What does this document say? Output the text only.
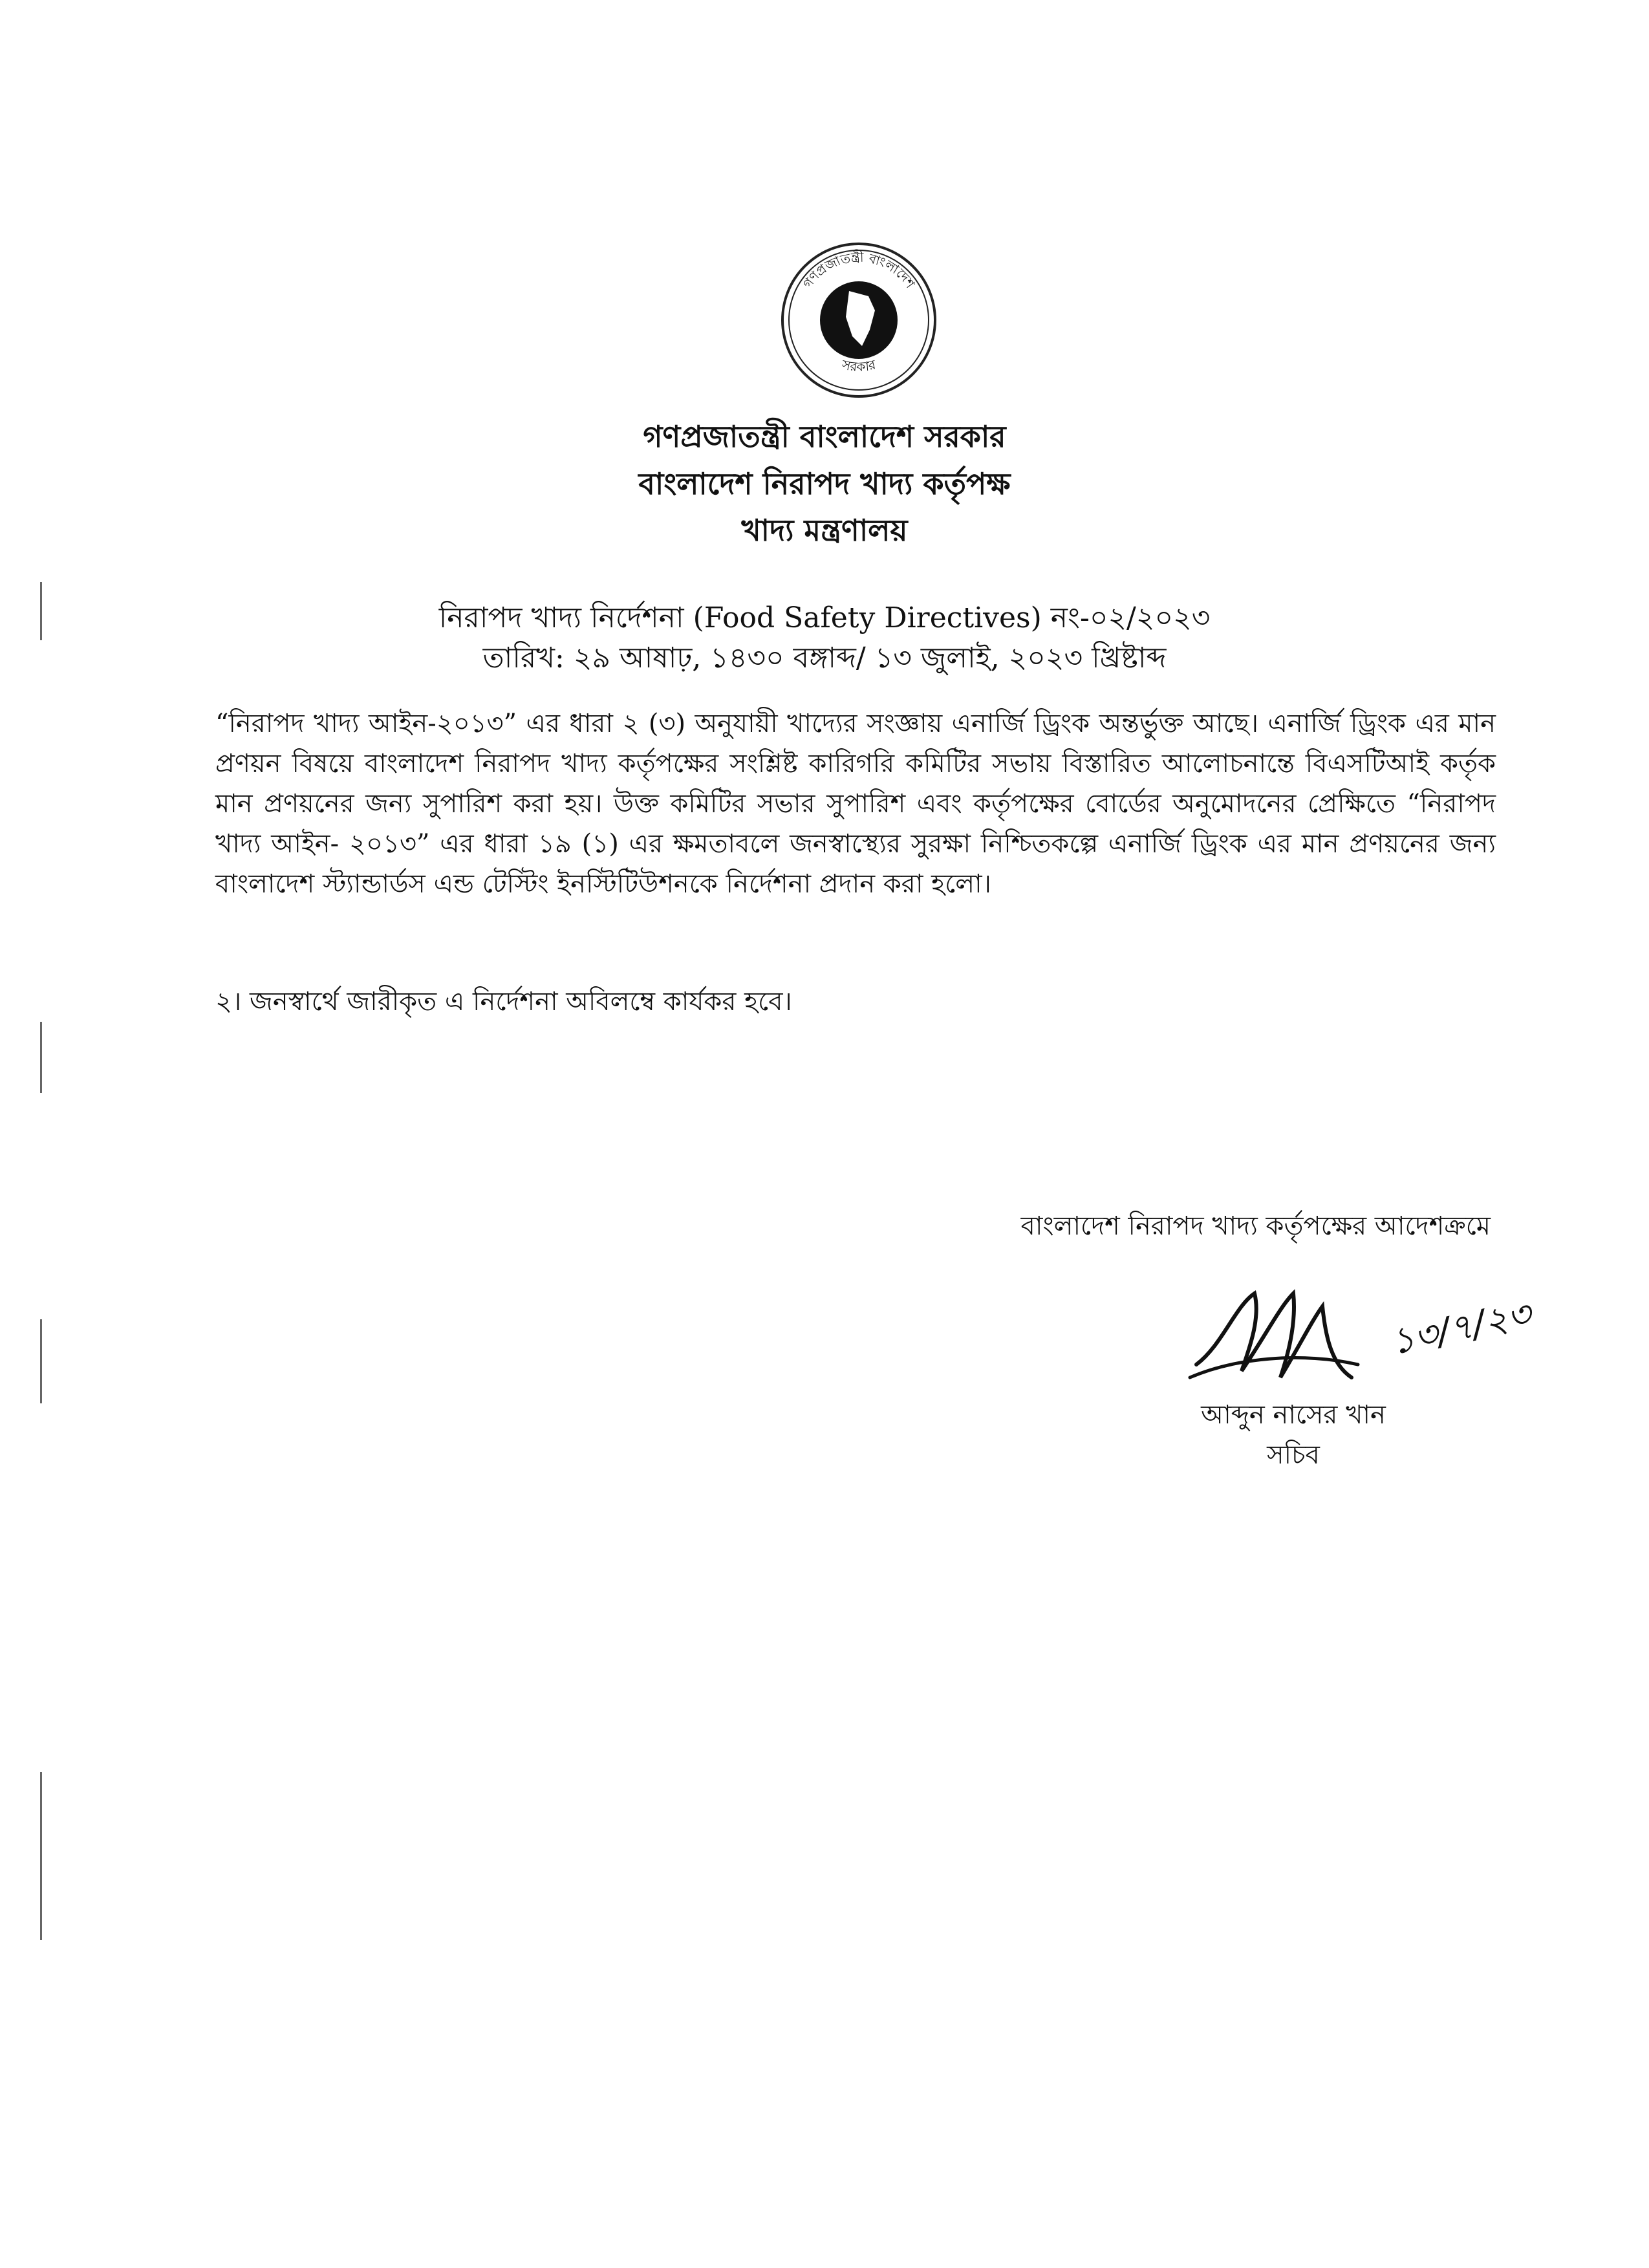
গণপ্রজাতন্ত্রী বাংলাদেশ
সরকার
গণপ্রজাতন্ত্রী বাংলাদেশ সরকার
বাংলাদেশ নিরাপদ খাদ্য কর্তৃপক্ষ
খাদ্য মন্ত্রণালয়
নিরাপদ খাদ্য নির্দেশনা (Food Safety Directives) নং-০২/২০২৩
তারিখ: ২৯ আষাঢ়, ১৪৩০ বঙ্গাব্দ/ ১৩ জুলাই, ২০২৩ খ্রিষ্টাব্দ
“নিরাপদ খাদ্য আইন-২০১৩” এর ধারা ২ (৩) অনুযায়ী খাদ্যের সংজ্ঞায় এনার্জি ড্রিংক অন্তর্ভুক্ত আছে। এনার্জি ড্রিংক এর মান প্রণয়ন বিষয়ে বাংলাদেশ নিরাপদ খাদ্য কর্তৃপক্ষের সংশ্লিষ্ট কারিগরি কমিটির সভায় বিস্তারিত আলোচনান্তে বিএসটিআই কর্তৃক মান প্রণয়নের জন্য সুপারিশ করা হয়। উক্ত কমিটির সভার সুপারিশ এবং কর্তৃপক্ষের বোর্ডের অনুমোদনের প্রেক্ষিতে “নিরাপদ খাদ্য আইন- ২০১৩” এর ধারা ১৯ (১) এর ক্ষমতাবলে জনস্বাস্থ্যের সুরক্ষা নিশ্চিতকল্পে এনার্জি ড্রিংক এর মান প্রণয়নের জন্য বাংলাদেশ স্ট্যান্ডার্ডস এন্ড টেস্টিং ইনস্টিটিউশনকে নির্দেশনা প্রদান করা হলো।
২। জনস্বার্থে জারীকৃত এ নির্দেশনা অবিলম্বে কার্যকর হবে।
বাংলাদেশ নিরাপদ খাদ্য কর্তৃপক্ষের আদেশক্রমে
১৩/৭/২৩
আব্দুন নাসের খান
সচিব
